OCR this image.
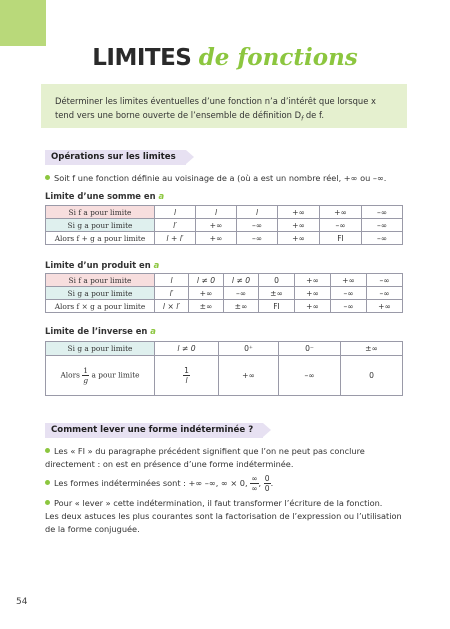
LIMITES de fonctions
Déterminer les limites éventuelles d’une fonction n’a d’intérêt que lorsque x tend vers une borne ouverte de l’ensemble de définition $D_f$ de f.
Opérations sur les limites
Soit f une fonction définie au voisinage de a (où a est un nombre réel, +∞ ou –∞.
Limite d’une somme en a
Si f a pour limite	l	l	l	+∞	+∞	–∞
Si g a pour limite	l′	+∞	–∞	+∞	–∞	–∞
Alors f + g a pour limite	l + l′	+∞	–∞	+∞	FI	–∞
Limite d’un produit en a
Si f a pour limite	l	l ≠ 0	l ≠ 0	0	+∞	+∞	–∞
Si g a pour limite	l′	+∞	–∞	±∞	+∞	–∞	–∞
Alors f × g a pour limite	l × l′	±∞	±∞	FI	+∞	–∞	+∞
Limite de l’inverse en a
Si g a pour limite	l ≠ 0	0⁺	0⁻	±∞
Alors $\frac{1}{g}$ a pour limite	$\frac{1}{l}$	+∞	–∞	0
Comment lever une forme indéterminée ?
Les « FI » du paragraphe précédent signifient que l’on ne peut pas conclure directement : on est en présence d’une forme indéterminée.
Les formes indéterminées sont : +∞ –∞, ∞ × 0, $\frac{\infty}{\infty}$ , $\frac{0}{0}$ .
Pour « lever » cette indétermination, il faut transformer l’écriture de la fonction.
Les deux astuces les plus courantes sont la factorisation de l’expression ou l’utilisation de la forme conjuguée.
54
